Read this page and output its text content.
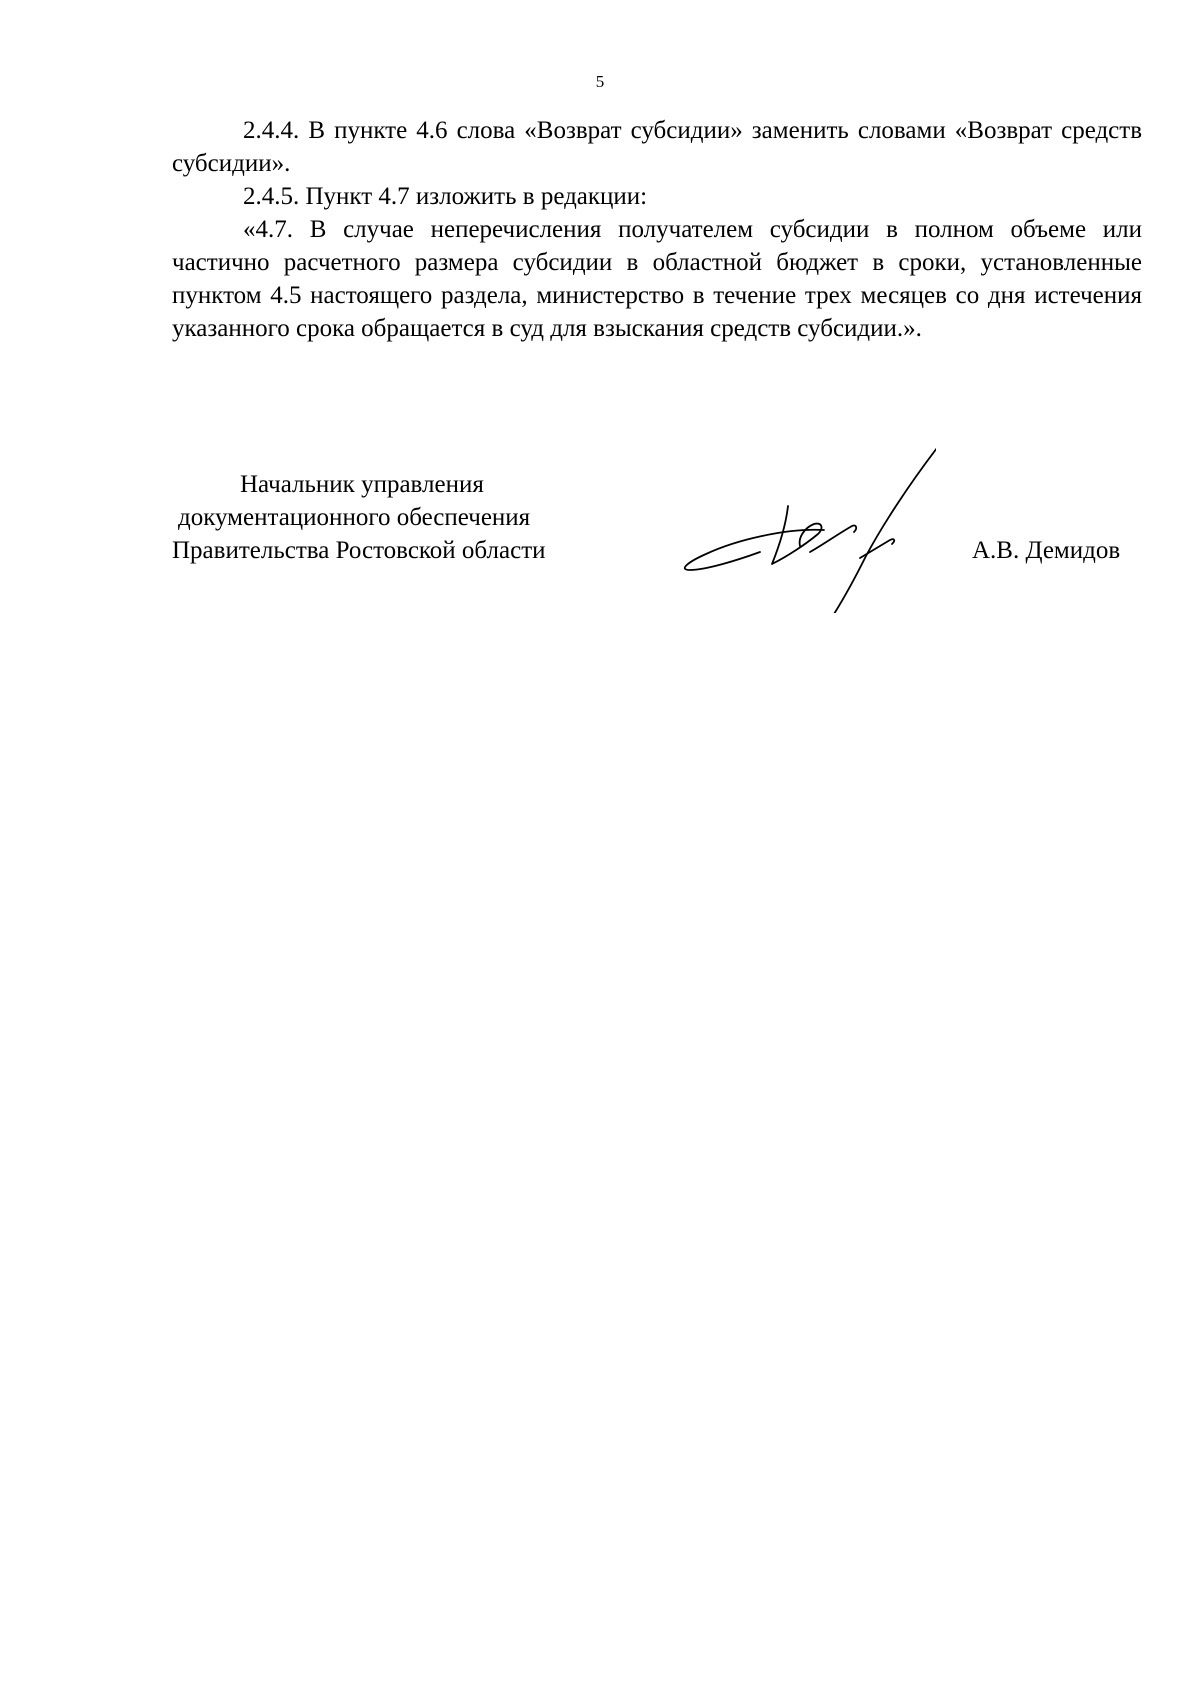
5

2.4.4. В пункте 4.6 слова «Возврат субсидии» заменить словами «Возврат средств субсидии».

2.4.5. Пункт 4.7 изложить в редакции:

«4.7. В случае неперечисления получателем субсидии в полном объеме или частично расчетного размера субсидии в областной бюджет в сроки, установленные пунктом 4.5 настоящего раздела, министерство в течение трех месяцев со дня истечения указанного срока обращается в суд для взыскания средств субсидии.».

Начальник управления
документационного обеспечения
Правительства Ростовской области	А.В. Демидов
